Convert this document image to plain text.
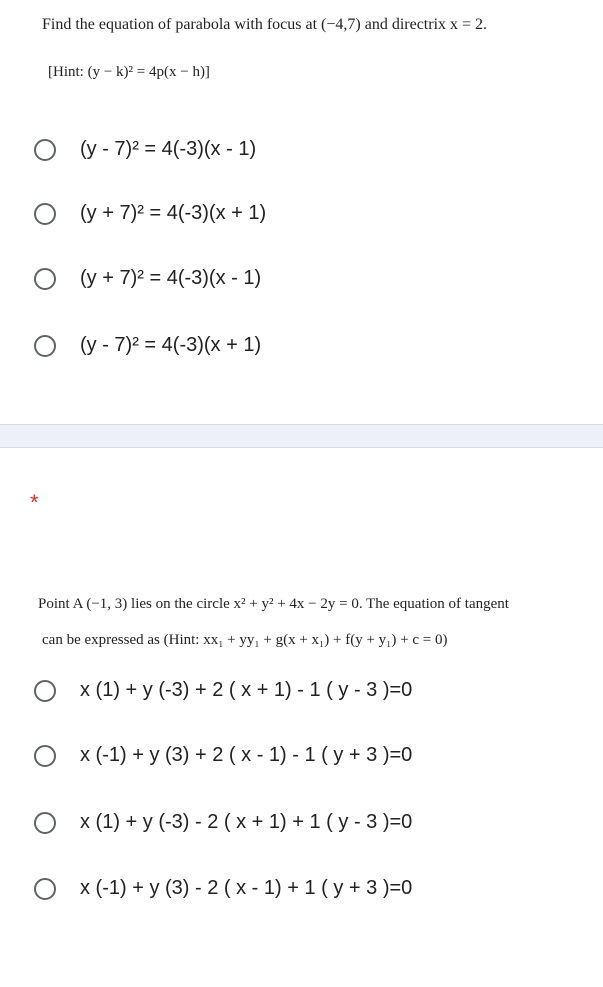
Find the equation of parabola with focus at (−4,7) and directrix x = 2.
[Hint: (y − k)² = 4p(x − h)]
(y - 7)² = 4(-3)(x - 1)
(y + 7)² = 4(-3)(x + 1)
(y + 7)² = 4(-3)(x - 1)
(y - 7)² = 4(-3)(x + 1)
*
Point A (−1, 3) lies on the circle x² + y² + 4x − 2y = 0. The equation of tangent
can be expressed as (Hint: xx₁ + yy₁ + g(x + x₁) + f(y + y₁) + c = 0)
x (1) + y (-3) + 2 ( x + 1) - 1 ( y - 3 )=0
x (-1) + y (3) + 2 ( x - 1) - 1 ( y + 3 )=0
x (1) + y (-3) - 2 ( x + 1) + 1 ( y - 3 )=0
x (-1) + y (3) - 2 ( x - 1) + 1 ( y + 3 )=0
